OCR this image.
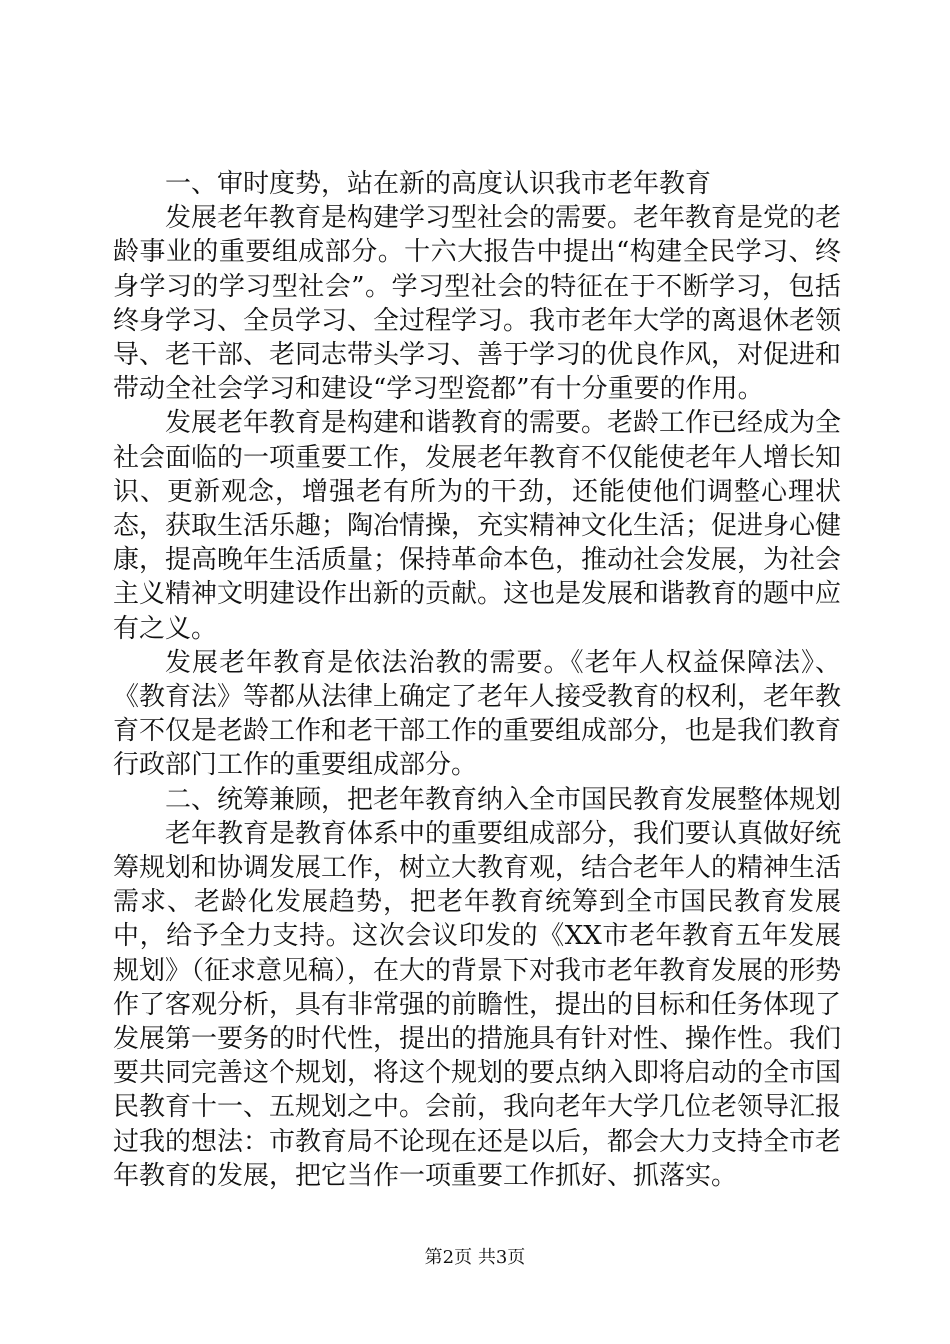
一、审时度势，站在新的高度认识我市老年教育

发展老年教育是构建学习型社会的需要。老年教育是党的老龄事业的重要组成部分。十六大报告中提出“构建全民学习、终身学习的学习型社会”。学习型社会的特征在于不断学习，包括终身学习、全员学习、全过程学习。我市老年大学的离退休老领导、老干部、老同志带头学习、善于学习的优良作风，对促进和带动全社会学习和建设“学习型瓷都”有十分重要的作用。

发展老年教育是构建和谐教育的需要。老龄工作已经成为全社会面临的一项重要工作，发展老年教育不仅能使老年人增长知识、更新观念，增强老有所为的干劲，还能使他们调整心理状态，获取生活乐趣；陶冶情操，充实精神文化生活；促进身心健康，提高晚年生活质量；保持革命本色，推动社会发展，为社会主义精神文明建设作出新的贡献。这也是发展和谐教育的题中应有之义。

发展老年教育是依法治教的需要。《老年人权益保障法》、《教育法》等都从法律上确定了老年人接受教育的权利，老年教育不仅是老龄工作和老干部工作的重要组成部分，也是我们教育行政部门工作的重要组成部分。

二、统筹兼顾，把老年教育纳入全市国民教育发展整体规划

老年教育是教育体系中的重要组成部分，我们要认真做好统筹规划和协调发展工作，树立大教育观，结合老年人的精神生活需求、老龄化发展趋势，把老年教育统筹到全市国民教育发展中，给予全力支持。这次会议印发的《XX市老年教育五年发展规划》（征求意见稿），在大的背景下对我市老年教育发展的形势作了客观分析，具有非常强的前瞻性，提出的目标和任务体现了发展第一要务的时代性，提出的措施具有针对性、操作性。我们要共同完善这个规划，将这个规划的要点纳入即将启动的全市国民教育十一、五规划之中。会前，我向老年大学几位老领导汇报过我的想法：市教育局不论现在还是以后，都会大力支持全市老年教育的发展，把它当作一项重要工作抓好、抓落实。

第2页 共3页
